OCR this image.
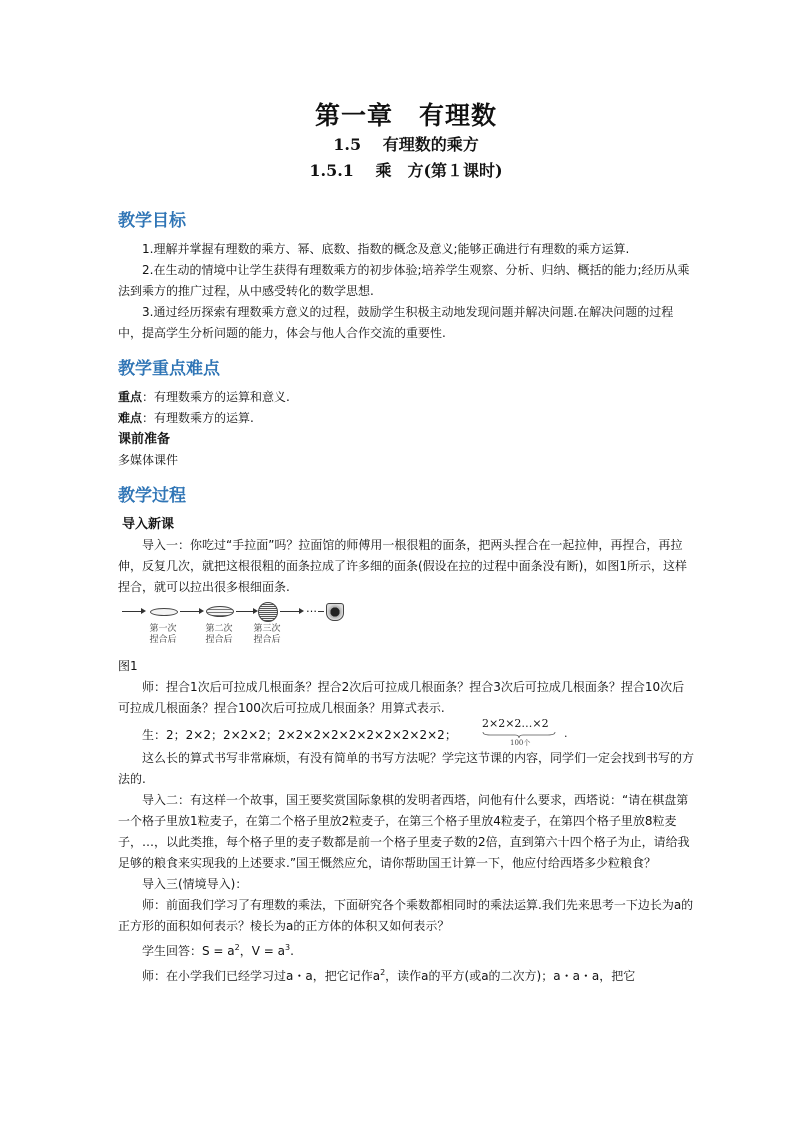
第一章　有理数
1.5　 有理数的乘方
1.5.1　 乘　方(第１课时)
教学目标

1.理解并掌握有理数的乘方、幂、底数、指数的概念及意义;能够正确进行有理数的乘方运算.

2.在生动的情境中让学生获得有理数乘方的初步体验;培养学生观察、分析、归纳、概括的能力;经历从乘法到乘方的推广过程，从中感受转化的数学思想.

3.通过经历探索有理数乘方意义的过程，鼓励学生积极主动地发现问题并解决问题.在解决问题的过程中，提高学生分析问题的能力，体会与他人合作交流的重要性.

教学重点难点

重点：有理数乘方的运算和意义.

难点：有理数乘方的运算.

课前准备

多媒体课件

教学过程
导入新课

导入一：你吃过“手拉面”吗？拉面馆的师傅用一根很粗的面条，把两头捏合在一起拉伸，再捏合，再拉伸，反复几次，就把这根很粗的面条拉成了许多细的面条(假设在拉的过程中面条没有断)，如图1所示，这样捏合，就可以拉出很多根细面条.

…
第一次
捏合后
第二次
捏合后
第三次
捏合后

图1

师：捏合1次后可拉成几根面条？捏合2次后可拉成几根面条？捏合3次后可拉成几根面条？捏合10次后可拉成几根面条？捏合100次后可拉成几根面条？用算式表示.

生：2；2×2；2×2×2；2×2×2×2×2×2×2×2×2×2；
2×2×2…×2
100个
.

这么长的算式书写非常麻烦，有没有简单的书写方法呢？学完这节课的内容，同学们一定会找到书写的方法的.

导入二：有这样一个故事，国王要奖赏国际象棋的发明者西塔，问他有什么要求，西塔说：“请在棋盘第一个格子里放1粒麦子，在第二个格子里放2粒麦子，在第三个格子里放4粒麦子，在第四个格子里放8粒麦子，…，以此类推，每个格子里的麦子数都是前一个格子里麦子数的2倍，直到第六十四个格子为止，请给我足够的粮食来实现我的上述要求.”国王慨然应允，请你帮助国王计算一下，他应付给西塔多少粒粮食？

导入三(情境导入)：

师：前面我们学习了有理数的乘法，下面研究各个乘数都相同时的乘法运算.我们先来思考一下边长为a的正方形的面积如何表示？棱长为a的正方体的体积又如何表示？

学生回答：$S = a^2$，$V = a^3$.

师：在小学我们已经学习过a・a，把它记作$a^2$，读作a的平方(或a的二次方)；a・a・a，把它
